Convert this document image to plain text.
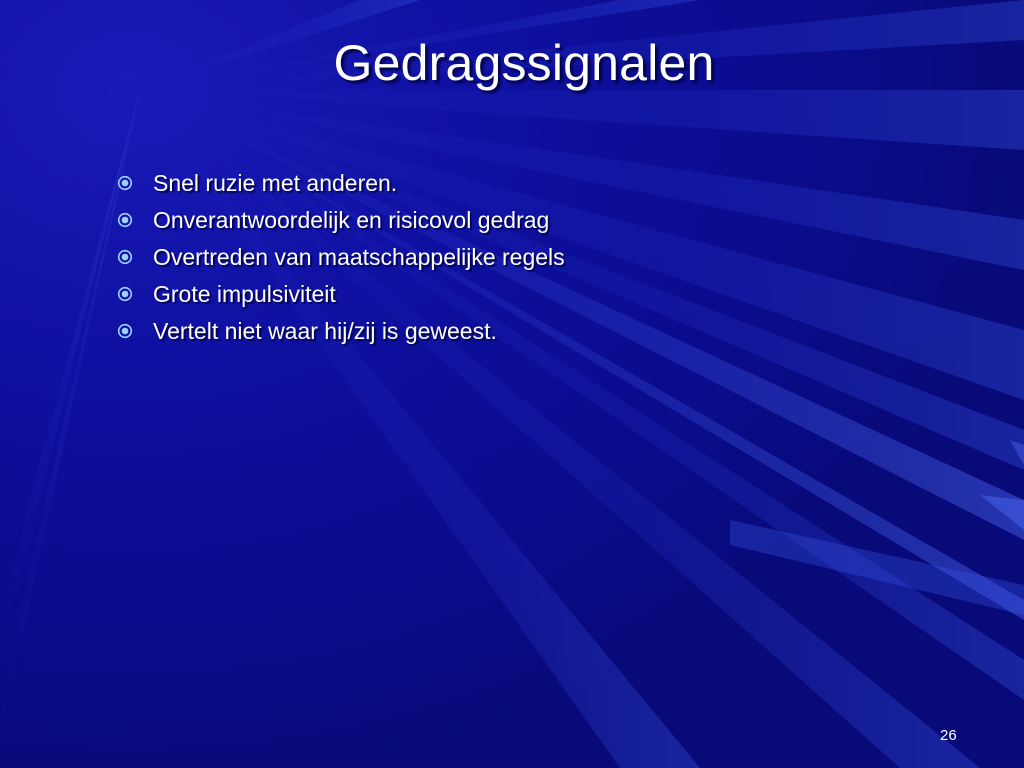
Gedragssignalen
Snel ruzie met anderen.
Onverantwoordelijk en risicovol gedrag
Overtreden van maatschappelijke regels
Grote impulsiviteit
Vertelt niet waar hij/zij is geweest.
26
